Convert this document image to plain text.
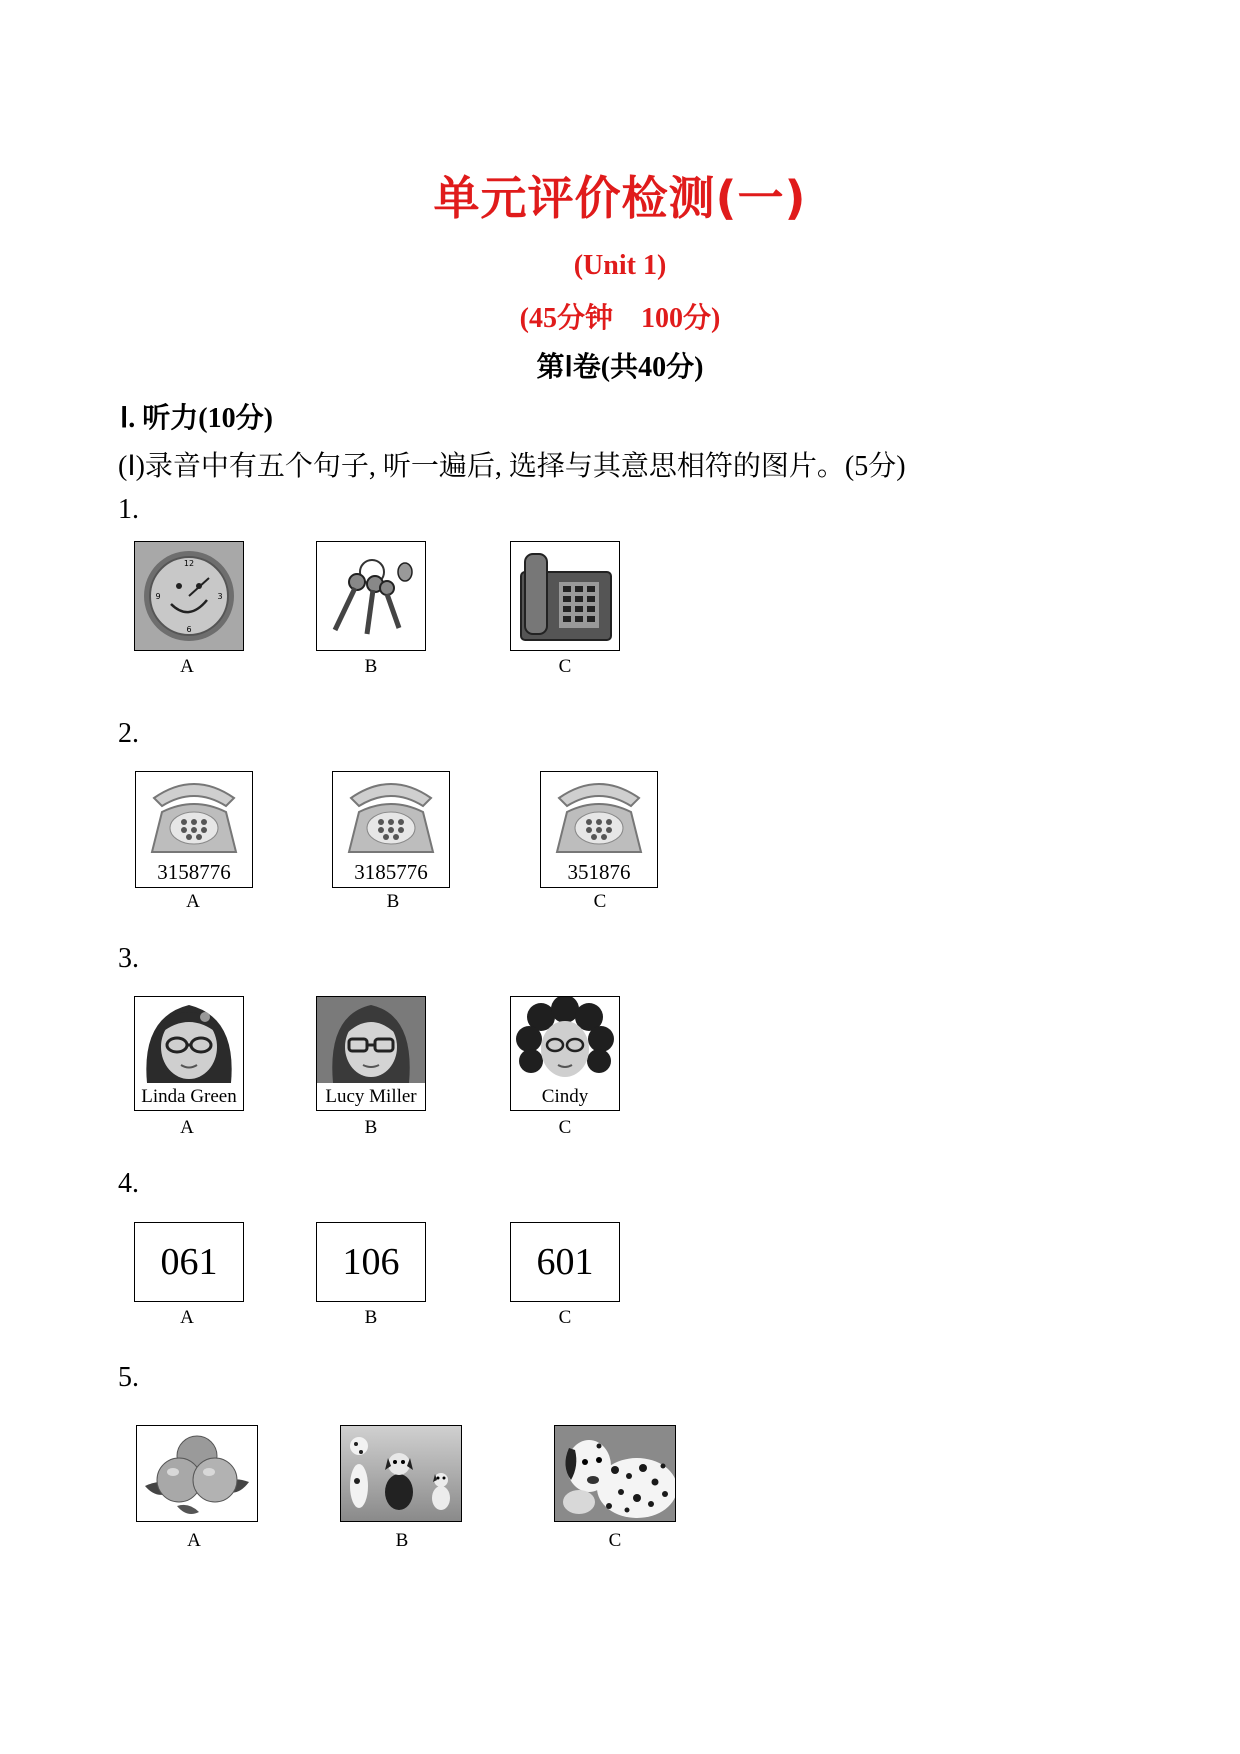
单元评价检测(一)
(Unit 1)
(45分钟    100分)
第Ⅰ卷(共40分)
Ⅰ. 听力(10分)
(Ⅰ)录音中有五个句子, 听一遍后, 选择与其意思相符的图片。(5分)
1.
12
3
6
9
A	B	C
2.
3158776
A
3185776
B
351876
C
3.
Linda Green
A
Lucy Miller
B
Cindy
C
4.
061
A
106
B
601
C
5.
A	B	C
